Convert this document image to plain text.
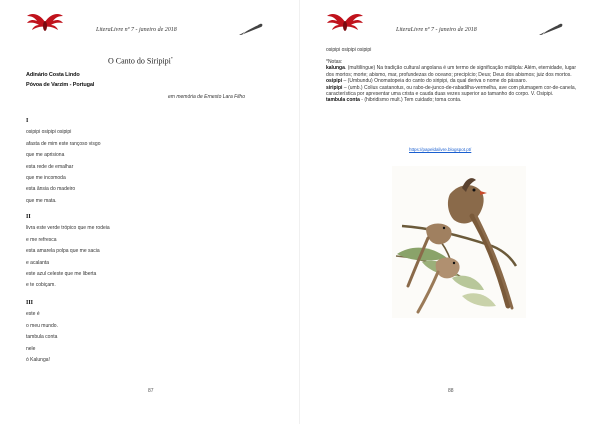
LiteraLivre nº 7 - janeiro de 2018
O Canto do Siripipi*
Adinário Costa Lindo
Póvoa de Varzim - Portugal
em memória de Ernesto Lara Filho
I
osipipi osipipi osipipi
afasta de mim este rançoso visgo
que me aprisiona
esta rede de emalhar
que me incomoda
esta ânsia do madeiro
que me mata.
II
livra este verde trópico que me rodeia
e me refresca
esta amarela polpa que me sacia
e acalanta
este azul celeste que me liberta
e te cobiçam.
III
este é
o meu mundo.
tambula conta
nele
ó Kalunga!
87
LiteraLivre nº 7 - janeiro de 2018
osipipi osipipi osipipi

*Notas:

kalunga. (multilíngue) Na tradição cultural angolana é um termo de significação múltipla: Além, eternidade, lugar dos mortos; morte; abismo, mar, profundezas do oceano; precipício; Deus; Deus dos abismos; juiz dos mortos.

osipipi – (Umbundu) Onomatopeia do canto do siripipi, da qual deriva o nome do pássaro.

siripipi – (umb.) Colius castanotus, ou rabo-de-junco-de-rabadilha-vermelha, ave com plumagem cor-de-canela, característica por apresentar uma crista e cauda duas vezes superior ao tamanho do corpo. V. Osipipi.

tambula conta - (hibridismo mult.) Tem cuidado; toma conta.

https://papeldalivre.blogspot.pt/
88
